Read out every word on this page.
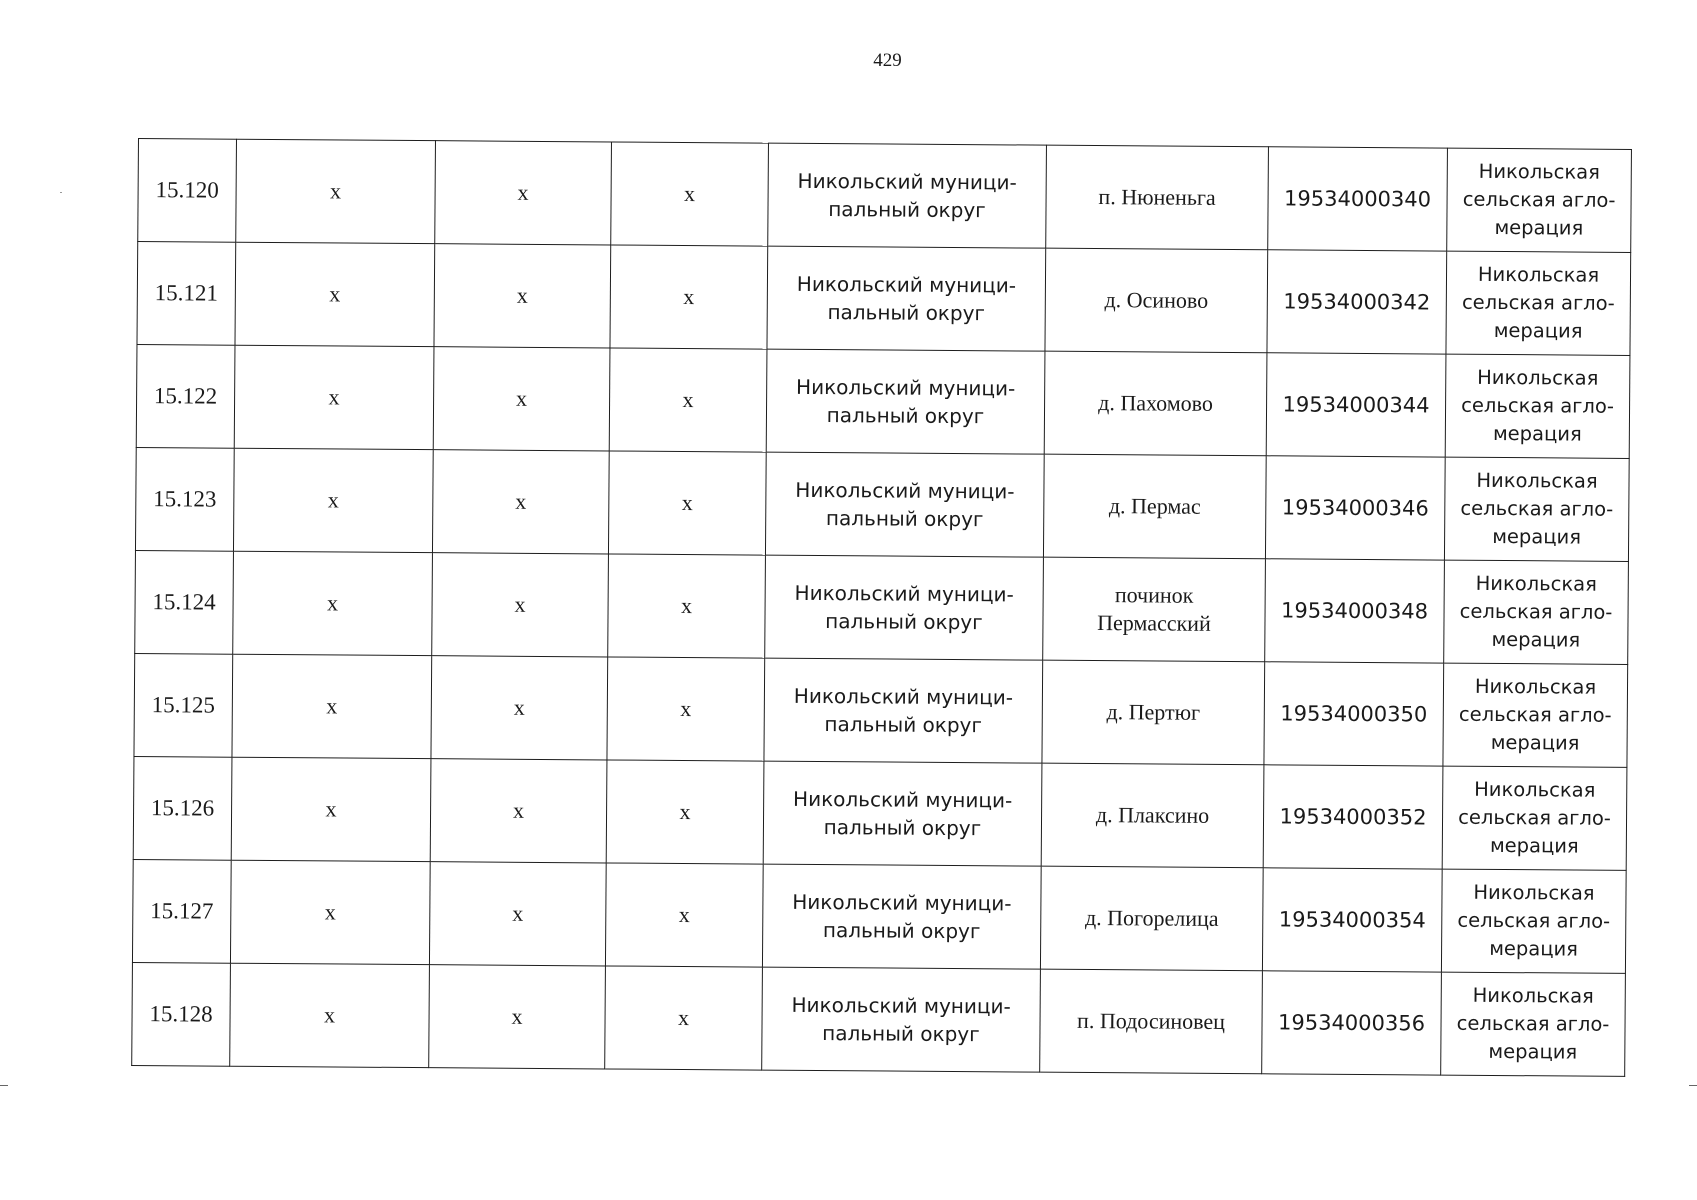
429
15.120	х	х	х	Никольский муници-
пальный округ	п. Нюненьга	19534000340	Никольская
сельская агло-
мерация
15.121	х	х	х	Никольский муници-
пальный округ	д. Осиново	19534000342	Никольская
сельская агло-
мерация
15.122	х	х	х	Никольский муници-
пальный округ	д. Пахомово	19534000344	Никольская
сельская агло-
мерация
15.123	х	х	х	Никольский муници-
пальный округ	д. Пермас	19534000346	Никольская
сельская агло-
мерация
15.124	х	х	х	Никольский муници-
пальный округ	починок
Пермасский	19534000348	Никольская
сельская агло-
мерация
15.125	х	х	х	Никольский муници-
пальный округ	д. Пертюг	19534000350	Никольская
сельская агло-
мерация
15.126	х	х	х	Никольский муници-
пальный округ	д. Плаксино	19534000352	Никольская
сельская агло-
мерация
15.127	х	х	х	Никольский муници-
пальный округ	д. Погорелица	19534000354	Никольская
сельская агло-
мерация
15.128	х	х	х	Никольский муници-
пальный округ	п. Подосиновец	19534000356	Никольская
сельская агло-
мерация
